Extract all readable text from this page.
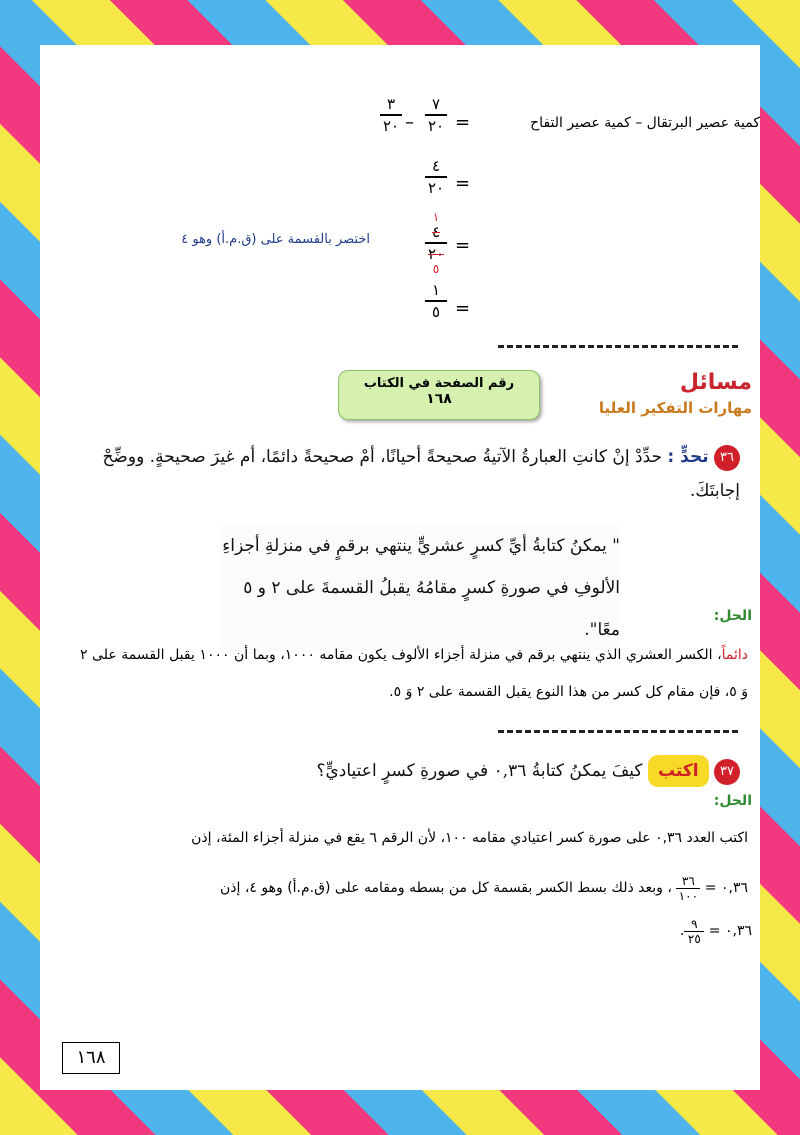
كمية عصير البرتقال – كمية عصير التفاح
=
٧
٢٠
–
٣
٢٠
=
٤
٢٠
=
١
٤
٢٠
٥
اختصر بالقسمة على (ق.م.أ) وهو ٤
=
١
٥
مسائل
مهارات التفكير العليا
رقم الصفحة في الكتاب
١٦٨
٣٦ تحدٍّ : حدِّدْ إنْ كانتِ العبارةُ الآتيةُ صحيحةً أحيانًا، أمْ صحيحةً دائمًا، أم غيرَ صحيحةٍ. ووضِّحْ إجابتَكَ.
" يمكنُ كتابةُ أيِّ كسرٍ عشريٍّ ينتهي برقمٍ في منزلةِ أجزاءِ الألوفِ في صورةِ كسرٍ مقامُهُ يقبلُ القسمةَ على ٢ و ٥ معًا".
الحل:
دائماً، الكسر العشري الذي ينتهي برقم في منزلة أجزاء الألوف يكون مقامه ١٠٠٠، وبما أن ١٠٠٠ يقبل القسمة على ٢ وَ ٥، فإن مقام كل كسر من هذا النوع يقبل القسمة على ٢ وَ ٥.
٣٧ اكتب كيفَ يمكنُ كتابةُ ٠,٣٦ في صورةِ كسرٍ اعتياديٍّ؟
الحل:
اكتب العدد ٠,٣٦ على صورة كسر اعتيادي مقامه ١٠٠، لأن الرقم ٦ يقع في منزلة أجزاء المئة، إذن
٠,٣٦ =
٣٦
١٠٠
، وبعد ذلك بسط الكسر بقسمة كل من بسطه ومقامه على (ق.م.أ) وهو ٤، إذن
٠,٣٦ =
٩
٢٥
.
١٦٨
